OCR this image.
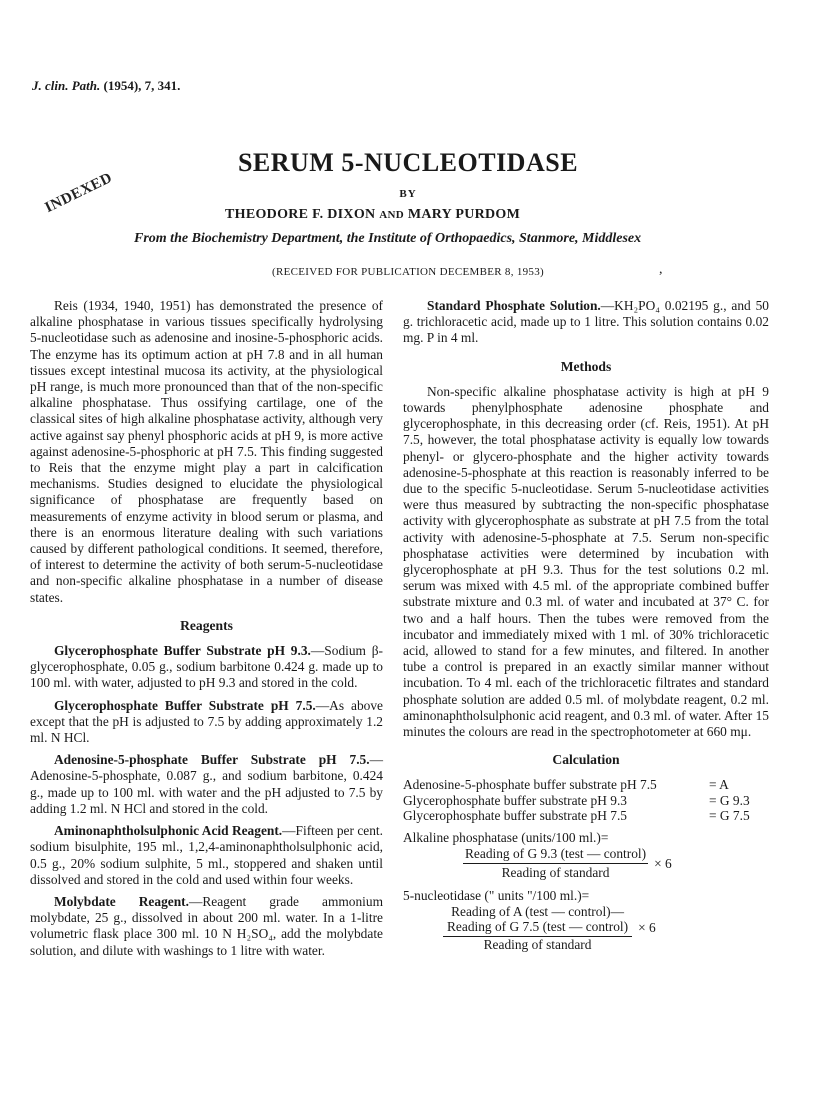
J. clin. Path. (1954), 7, 341.
SERUM 5-NUCLEOTIDASE
BY
INDEXED	THEODORE F. DIXON AND MARY PURDOM
From the Biochemistry Department, the Institute of Orthopaedics, Stanmore, Middlesex
(RECEIVED FOR PUBLICATION DECEMBER 8, 1953)	,

Reis (1934, 1940, 1951) has demonstrated the presence of alkaline phosphatase in various tissues specifically hydrolysing 5-nucleotidase such as adenosine and inosine-5-phosphoric acids. The enzyme has its optimum action at pH 7.8 and in all human tissues except intestinal mucosa its activity, at the physiological pH range, is much more pronounced than that of the non-specific alkaline phosphatase. Thus ossifying cartilage, one of the classical sites of high alkaline phosphatase activity, although very active against say phenyl phosphoric acids at pH 9, is more active against adenosine-5-phosphoric at pH 7.5. This finding suggested to Reis that the enzyme might play a part in calcification mechanisms. Studies designed to elucidate the physiological significance of phosphatase are frequently based on measurements of enzyme activity in blood serum or plasma, and there is an enormous literature dealing with such variations caused by different pathological conditions. It seemed, therefore, of interest to determine the activity of both serum-5-nucleotidase and non-specific alkaline phosphatase in a number of disease states.

Reagents

Glycerophosphate Buffer Substrate pH 9.3.—Sodium β-glycerophosphate, 0.05 g., sodium barbitone 0.424 g. made up to 100 ml. with water, adjusted to pH 9.3 and stored in the cold.

Glycerophosphate Buffer Substrate pH 7.5.—As above except that the pH is adjusted to 7.5 by adding approximately 1.2 ml. N HCl.

Adenosine-5-phosphate Buffer Substrate pH 7.5.—Adenosine-5-phosphate, 0.087 g., and sodium barbitone, 0.424 g., made up to 100 ml. with water and the pH adjusted to 7.5 by adding 1.2 ml. N HCl and stored in the cold.

Aminonaphtholsulphonic Acid Reagent.—Fifteen per cent. sodium bisulphite, 195 ml., 1,2,4-aminonaphtholsulphonic acid, 0.5 g., 20% sodium sulphite, 5 ml., stoppered and shaken until dissolved and stored in the cold and used within four weeks.

Molybdate Reagent.—Reagent grade ammonium molybdate, 25 g., dissolved in about 200 ml. water. In a 1-litre volumetric flask place 300 ml. 10 N H₂SO₄, add the molybdate solution, and dilute with washings to 1 litre with water.

Standard Phosphate Solution.—KH₂PO₄ 0.02195 g., and 50 g. trichloracetic acid, made up to 1 litre. This solution contains 0.02 mg. P in 4 ml.

Methods

Non-specific alkaline phosphatase activity is high at pH 9 towards phenylphosphate adenosine phosphate and glycerophosphate, in this decreasing order (cf. Reis, 1951). At pH 7.5, however, the total phosphatase activity is equally low towards phenyl- or glycero-phosphate and the higher activity towards adenosine-5-phosphate at this reaction is reasonably inferred to be due to the specific 5-nucleotidase. Serum 5-nucleotidase activities were thus measured by subtracting the non-specific phosphatase activity with glycerophosphate as substrate at pH 7.5 from the total activity with adenosine-5-phosphate at 7.5. Serum non-specific phosphatase activities were determined by incubation with glycerophosphate at pH 9.3. Thus for the test solutions 0.2 ml. serum was mixed with 4.5 ml. of the appropriate combined buffer substrate mixture and 0.3 ml. of water and incubated at 37° C. for two and a half hours. Then the tubes were removed from the incubator and immediately mixed with 1 ml. of 30% trichloracetic acid, allowed to stand for a few minutes, and filtered. In another tube a control is prepared in an exactly similar manner without incubation. To 4 ml. each of the trichloracetic filtrates and standard phosphate solution are added 0.5 ml. of molybdate reagent, 0.2 ml. aminonaphtholsulphonic acid reagent, and 0.3 ml. of water. After 15 minutes the colours are read in the spectrophotometer at 660 mμ.

Calculation

Adenosine-5-phosphate buffer substrate pH 7.5	= A
Glycerophosphate buffer substrate pH 9.3	= G 9.3
Glycerophosphate buffer substrate pH 7.5	= G 7.5
Alkaline phosphatase (units/100 ml.)=
$\frac{\text{Reading of G 9.3 (test — control)}}{\text{Reading of standard}} \times 6$
5-nucleotidase (" units "/100 ml.)=
Reading of A (test — control)—
Reading of G 7.5 (test — control)
Reading of standard
× 6
